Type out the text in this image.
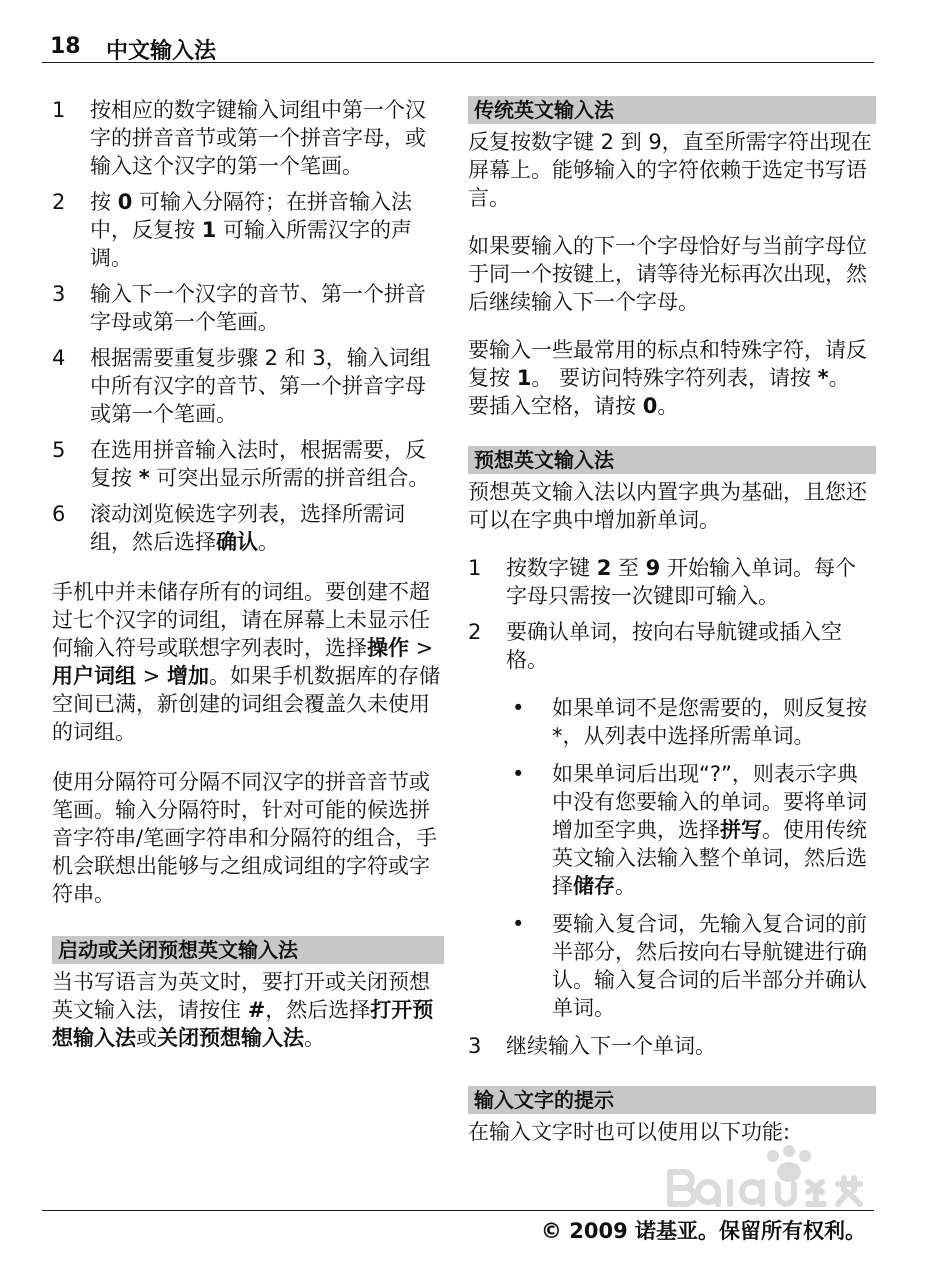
18 中文输入法
1 按相应的数字键输入词组中第一个汉字的拼音音节或第一个拼音字母，或输入这个汉字的第一个笔画。
2 按 0 可输入分隔符；在拼音输入法中，反复按 1 可输入所需汉字的声调。
3 输入下一个汉字的音节、第一个拼音字母或第一个笔画。
4 根据需要重复步骤 2 和 3，输入词组中所有汉字的音节、第一个拼音字母或第一个笔画。
5 在选用拼音输入法时，根据需要，反复按 * 可突出显示所需的拼音组合。
6 滚动浏览候选字列表，选择所需词组，然后选择确认。

手机中并未储存所有的词组。要创建不超过七个汉字的词组，请在屏幕上未显示任何输入符号或联想字列表时，选择操作 > 用户词组 > 增加。如果手机数据库的存储空间已满，新创建的词组会覆盖久未使用的词组。

使用分隔符可分隔不同汉字的拼音音节或笔画。输入分隔符时，针对可能的候选拼音字符串/笔画字符串和分隔符的组合，手机会联想出能够与之组成词组的字符或字符串。

启动或关闭预想英文输入法

当书写语言为英文时，要打开或关闭预想英文输入法，请按住 #，然后选择打开预想输入法或关闭预想输入法。

传统英文输入法

反复按数字键 2 到 9，直至所需字符出现在屏幕上。能够输入的字符依赖于选定书写语言。

如果要输入的下一个字母恰好与当前字母位于同一个按键上，请等待光标再次出现，然后继续输入下一个字母。

要输入一些最常用的标点和特殊字符，请反复按 1。 要访问特殊字符列表，请按 *。 要插入空格，请按 0。

预想英文输入法

预想英文输入法以内置字典为基础，且您还可以在字典中增加新单词。

1 按数字键 2 至 9 开始输入单词。每个字母只需按一次键即可输入。
2 要确认单词，按向右导航键或插入空格。
• 如果单词不是您需要的，则反复按 *，从列表中选择所需单词。
• 如果单词后出现“?”，则表示字典中没有您要输入的单词。要将单词增加至字典，选择拼写。使用传统英文输入法输入整个单词，然后选择储存。
• 要输入复合词，先输入复合词的前半部分，然后按向右导航键进行确认。输入复合词的后半部分并确认单词。
3 继续输入下一个单词。
输入文字的提示

在输入文字时也可以使用以下功能:

© 2009 诺基亚。保留所有权利。
